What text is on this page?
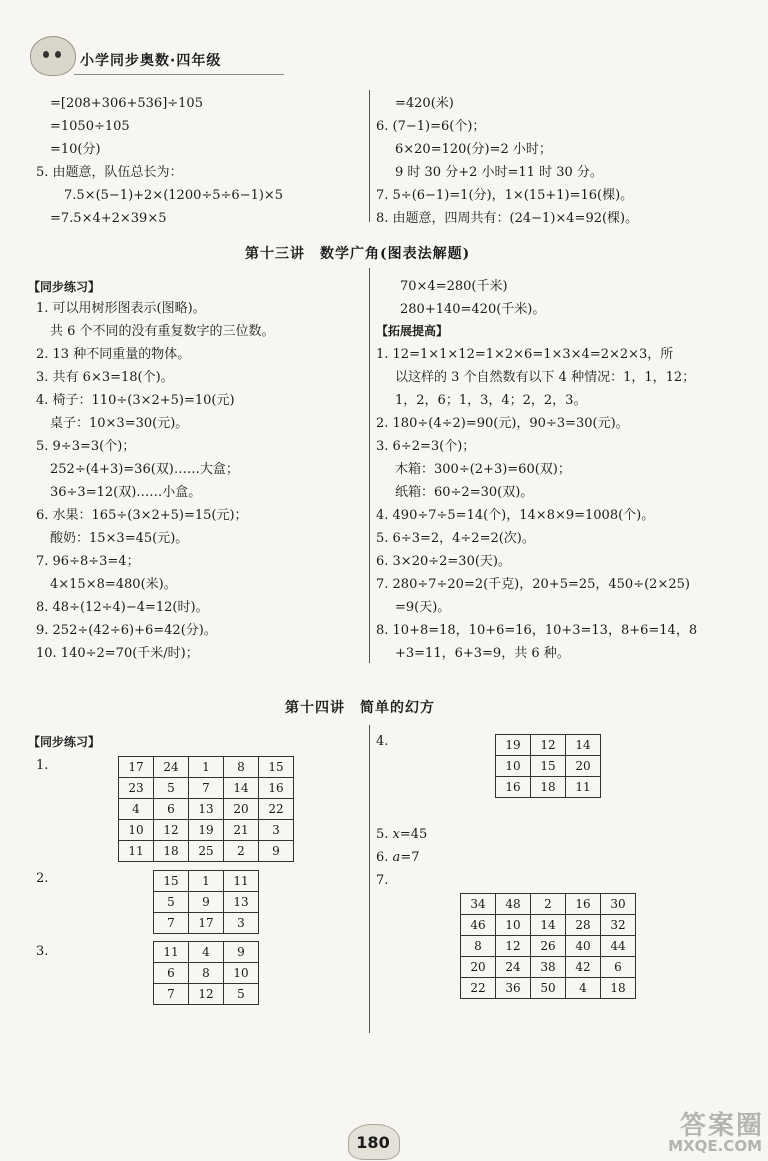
小学同步奥数·四年级
=[208+306+536]÷105
=1050÷105
=10(分)
5. 由题意，队伍总长为：
7.5×(5−1)+2×(1200÷5÷6−1)×5
=7.5×4+2×39×5
=420(米)
6. (7−1)=6(个)；
6×20=120(分)=2 小时；
9 时 30 分+2 小时=11 时 30 分。
7. 5÷(6−1)=1(分)，1×(15+1)=16(棵)。
8. 由题意，四周共有：(24−1)×4=92(棵)。
第十三讲　数学广角(图表法解题)
【同步练习】
1. 可以用树形图表示(图略)。
共 6 个不同的没有重复数字的三位数。
2. 13 种不同重量的物体。
3. 共有 6×3=18(个)。
4. 椅子：110÷(3×2+5)=10(元)
桌子：10×3=30(元)。
5. 9÷3=3(个)；
252÷(4+3)=36(双)……大盒；
36÷3=12(双)……小盒。
6. 水果：165÷(3×2+5)=15(元)；
酸奶：15×3=45(元)。
7. 96÷8÷3=4；
4×15×8=480(米)。
8. 48÷(12÷4)−4=12(时)。
9. 252÷(42÷6)+6=42(分)。
10. 140÷2=70(千米/时)；
70×4=280(千米)
280+140=420(千米)。
【拓展提高】
1. 12=1×1×12=1×2×6=1×3×4=2×2×3，所
以这样的 3 个自然数有以下 4 种情况：1，1，12；
1，2，6；1，3，4；2，2，3。
2. 180÷(4÷2)=90(元)，90÷3=30(元)。
3. 6÷2=3(个)；
木箱：300÷(2+3)=60(双)；
纸箱：60÷2=30(双)。
4. 490÷7÷5=14(个)，14×8×9=1008(个)。
5. 6÷3=2，4÷2=2(次)。
6. 3×20÷2=30(天)。
7. 280÷7÷20=2(千克)，20+5=25，450÷(2×25)
=9(天)。
8. 10+8=18，10+6=16，10+3=13，8+6=14，8
+3=11，6+3=9，共 6 种。
第十四讲　简单的幻方
【同步练习】
1.	17	24	1	8	15
23	5	7	14	16
4	6	13	20	22
10	12	19	21	3
11	18	25	2	9
2.	15	1	11
5	9	13
7	17	3
3.	11	4	9
6	8	10
7	12	5
4.	19	12	14
10	15	20
16	18	11
5. x=45
6. a=7
7.
34	48	2	16	30
46	10	14	28	32
8	12	26	40	44
20	24	38	42	6
22	36	50	4	18
180
答案圈
MXQE.COM
